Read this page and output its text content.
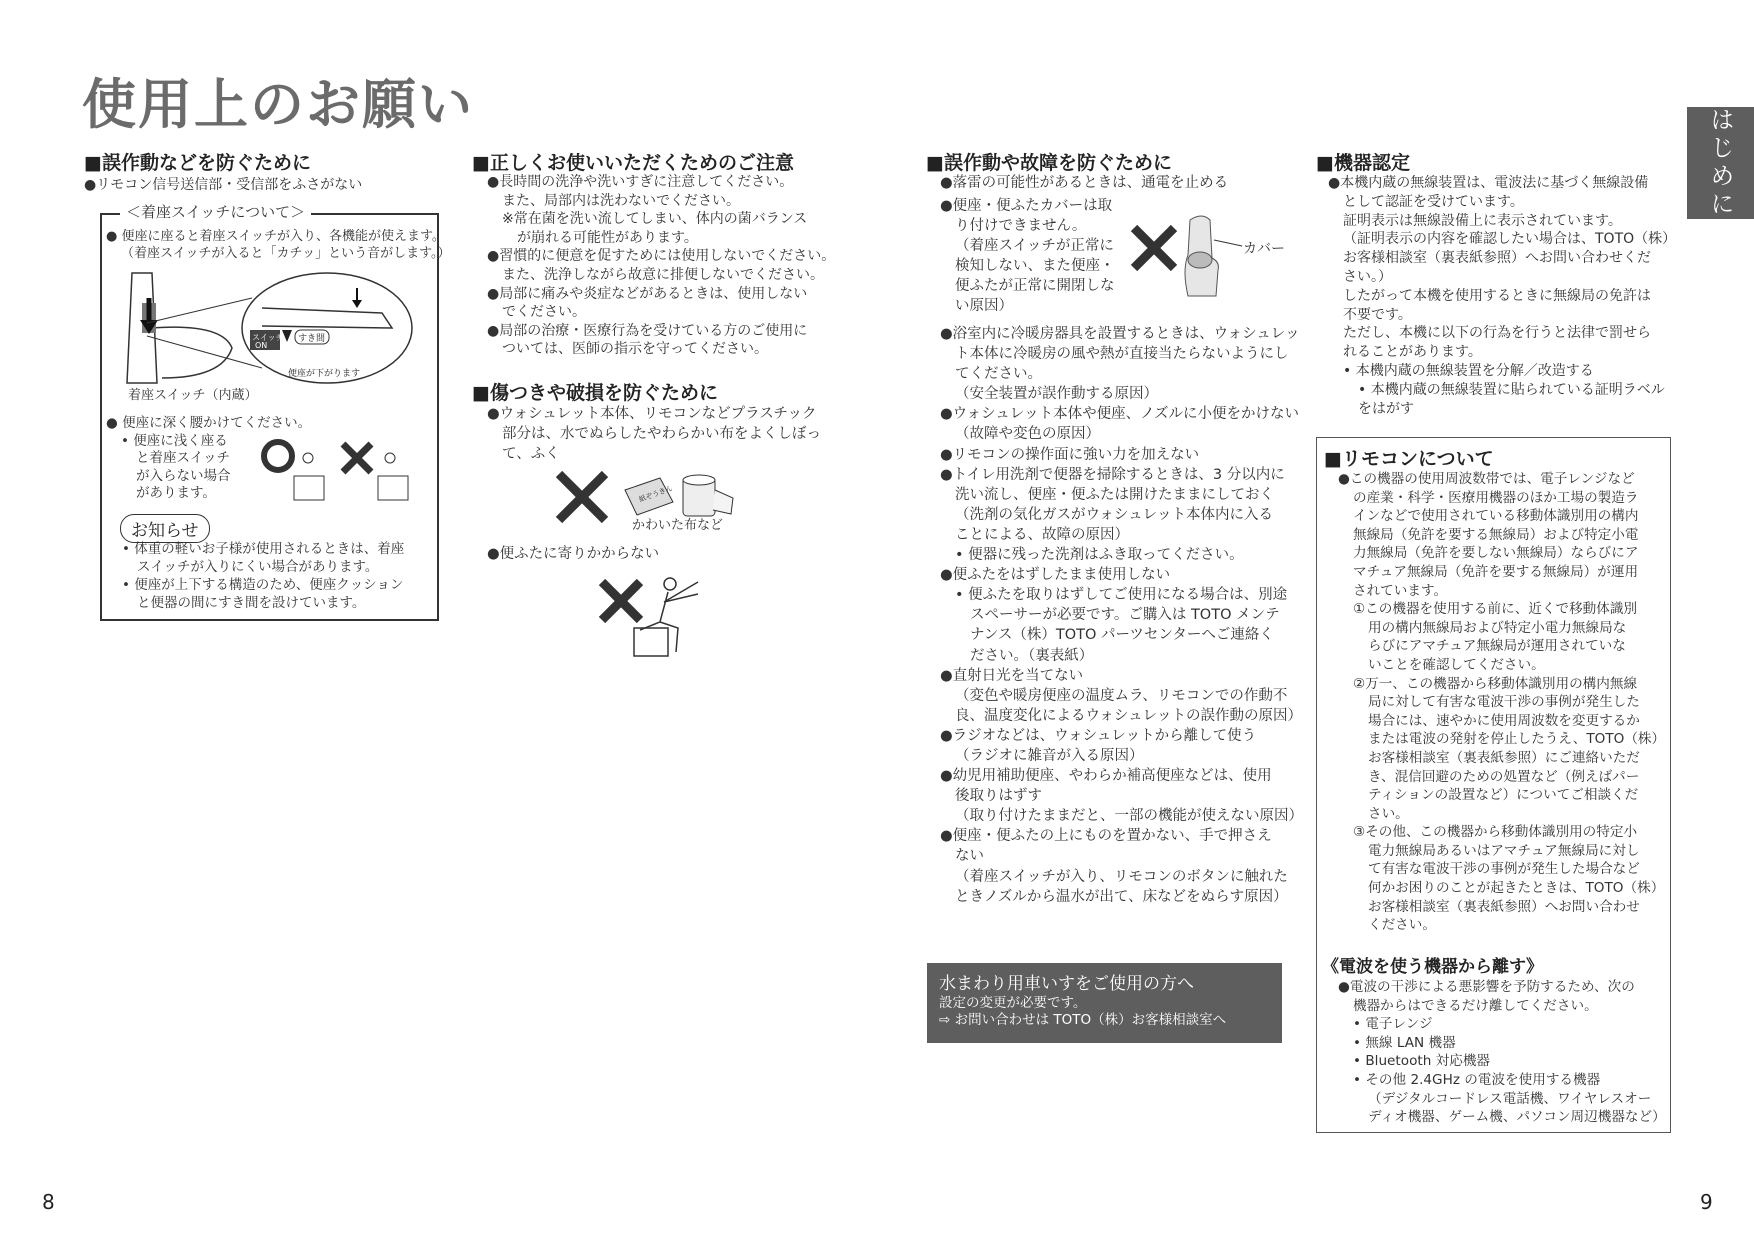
使用上のお願い
はじめに
8	9
■誤作動などを防ぐために
●リモコン信号送信部・受信部をふさがない
＜着座スイッチについて＞

● 便座に座ると着座スイッチが入り、各機能が使えます。

（着座スイッチが入ると「カチッ」という音がします。）

スイッチ
ON
すき間
便座が下がります
着座スイッチ（内蔵）

● 便座に深く腰かけてください。

• 便座に浅く座る

と着座スイッチ

が入らない場合

があります。

お知らせ

• 体重の軽いお子様が使用されるときは、着座

スイッチが入りにくい場合があります。

• 便座が上下する構造のため、便座クッション

と便器の間にすき間を設けています。

■正しくお使いいただくためのご注意

●長時間の洗浄や洗いすぎに注意してください。

また、局部内は洗わないでください。

※常在菌を洗い流してしまい、体内の菌バランス

が崩れる可能性があります。

●習慣的に便意を促すためには使用しないでください。

また、洗浄しながら故意に排便しないでください。

●局部に痛みや炎症などがあるときは、使用しない

でください。

●局部の治療・医療行為を受けている方のご使用に

ついては、医師の指示を守ってください。

■傷つきや破損を防ぐために

●ウォシュレット本体、リモコンなどプラスチック

部分は、水でぬらしたやわらかい布をよくしぼっ

て、ふく

紙ぞうきん
かわいた布など
●便ふたに寄りかからない
■誤作動や故障を防ぐために
●落雷の可能性があるときは、通電を止める

●便座・便ふたカバーは取

り付けできません。

（着座スイッチが正常に

検知しない、また便座・

便ふたが正常に開閉しな

い原因）

カバー

●浴室内に冷暖房器具を設置するときは、ウォシュレッ

ト本体に冷暖房の風や熱が直接当たらないようにし

てください。

（安全装置が誤作動する原因）

●ウォシュレット本体や便座、ノズルに小便をかけない

（故障や変色の原因）

●リモコンの操作面に強い力を加えない

●トイレ用洗剤で便器を掃除するときは、3 分以内に

洗い流し、便座・便ふたは開けたままにしておく

（洗剤の気化ガスがウォシュレット本体内に入る

ことによる、故障の原因）

• 便器に残った洗剤はふき取ってください。

●便ふたをはずしたまま使用しない

• 便ふたを取りはずしてご使用になる場合は、別途

スペーサーが必要です。ご購入は TOTO メンテ

ナンス（株）TOTO パーツセンターへご連絡く

ださい。（裏表紙）

●直射日光を当てない

（変色や暖房便座の温度ムラ、リモコンでの作動不

良、温度変化によるウォシュレットの誤作動の原因）

●ラジオなどは、ウォシュレットから離して使う

（ラジオに雑音が入る原因）

●幼児用補助便座、やわらか補高便座などは、使用

後取りはずす

（取り付けたままだと、一部の機能が使えない原因）

●便座・便ふたの上にものを置かない、手で押さえ

ない

（着座スイッチが入り、リモコンのボタンに触れた

ときノズルから温水が出て、床などをぬらす原因）

水まわり用車いすをご使用の方へ
設定の変更が必要です。
⇨ お問い合わせは TOTO（株）お客様相談室へ
■機器認定

●本機内蔵の無線装置は、電波法に基づく無線設備

として認証を受けています。

証明表示は無線設備上に表示されています。

（証明表示の内容を確認したい場合は、TOTO（株）

お客様相談室（裏表紙参照）へお問い合わせくだ

さい。）

したがって本機を使用するときに無線局の免許は

不要です。

ただし、本機に以下の行為を行うと法律で罰せら

れることがあります。

• 本機内蔵の無線装置を分解／改造する

• 本機内蔵の無線装置に貼られている証明ラベル

をはがす

■リモコンについて

●この機器の使用周波数帯では、電子レンジなど

の産業・科学・医療用機器のほか工場の製造ラ

インなどで使用されている移動体識別用の構内

無線局（免許を要する無線局）および特定小電

力無線局（免許を要しない無線局）ならびにア

マチュア無線局（免許を要する無線局）が運用

されています。

①この機器を使用する前に、近くで移動体識別

用の構内無線局および特定小電力無線局な

らびにアマチュア無線局が運用されていな

いことを確認してください。

②万一、この機器から移動体識別用の構内無線

局に対して有害な電波干渉の事例が発生した

場合には、速やかに使用周波数を変更するか

または電波の発射を停止したうえ、TOTO（株）

お客様相談室（裏表紙参照）にご連絡いただ

き、混信回避のための処置など（例えばパー

ティションの設置など）についてご相談くだ

さい。

③その他、この機器から移動体識別用の特定小

電力無線局あるいはアマチュア無線局に対し

て有害な電波干渉の事例が発生した場合など

何かお困りのことが起きたときは、TOTO（株）

お客様相談室（裏表紙参照）へお問い合わせ

ください。

《電波を使う機器から離す》

●電波の干渉による悪影響を予防するため、次の

機器からはできるだけ離してください。

• 電子レンジ

• 無線 LAN 機器

• Bluetooth 対応機器

• その他 2.4GHz の電波を使用する機器

（デジタルコードレス電話機、ワイヤレスオー

ディオ機器、ゲーム機、パソコン周辺機器など）
